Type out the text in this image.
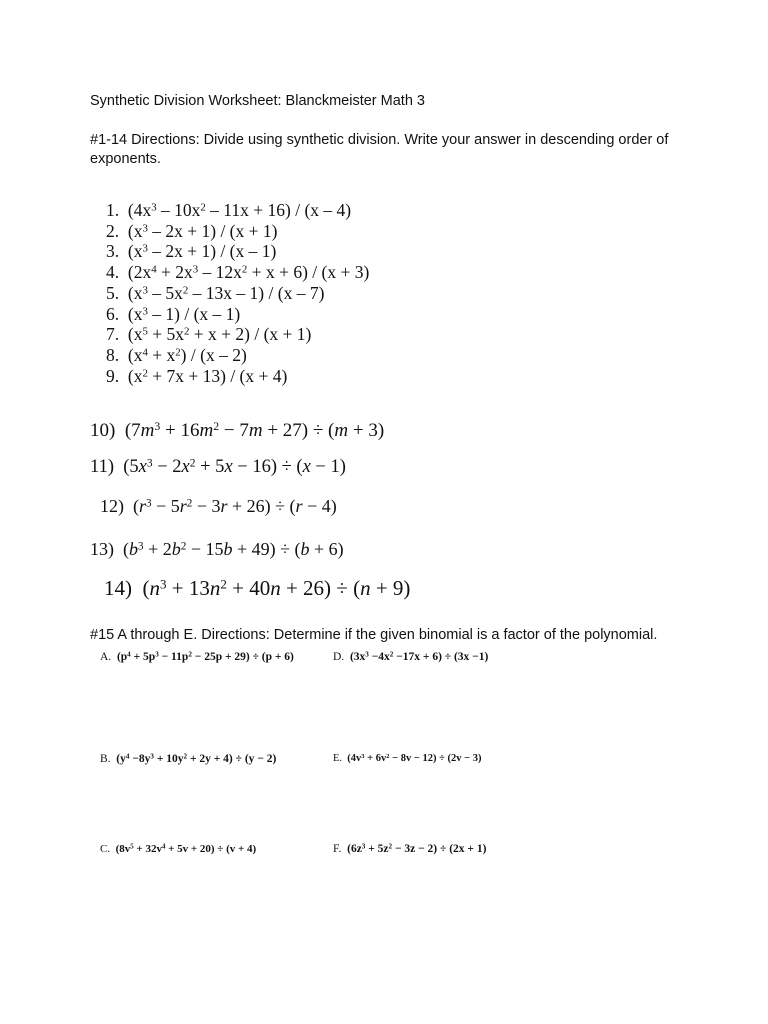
Synthetic Division Worksheet: Blanckmeister Math 3
#1-14 Directions: Divide using synthetic division. Write your answer in descending order of exponents.
1. $(4x^3 - 10x^2 - 11x + 16) / (x - 4)$
2. $(x^3 - 2x + 1) / (x + 1)$
3. $(x^3 - 2x + 1) / (x - 1)$
4. $(2x^4 + 2x^3 - 12x^2 + x + 6) / (x + 3)$
5. $(x^3 - 5x^2 - 13x - 1) / (x - 7)$
6. $(x^3 - 1) / (x - 1)$
7. $(x^5 + 5x^2 + x + 2) / (x + 1)$
8. $(x^4 + x^2) / (x - 2)$
9. $(x^2 + 7x + 13) / (x + 4)$
10) $(7m^3 + 16m^2 - 7m + 27) \div (m + 3)$
11) $(5x^3 - 2x^2 + 5x - 16) \div (x - 1)$
12) $(r^3 - 5r^2 - 3r + 26) \div (r - 4)$
13) $(b^3 + 2b^2 - 15b + 49) \div (b + 6)$
14) $(n^3 + 13n^2 + 40n + 26) \div (n + 9)$
#15 A through E. Directions: Determine if the given binomial is a factor of the polynomial.
A. $(p^4 + 5p^3 - 11p^2 - 25p + 29) \div (p + 6)$	D. $(3x^3 -4x^2 -17x + 6) \div (3x -1)$
B. $(y^4 -8y^3 + 10y^2 + 2y + 4) \div (y - 2)$	E. $(4v^3 + 6v^2 - 8v - 12) \div (2v - 3)$
C. $(8v^5 + 32v^4 + 5v + 20) \div (v + 4)$	F. $(6z^3 + 5z^2 - 3z - 2) \div (2x + 1)$
